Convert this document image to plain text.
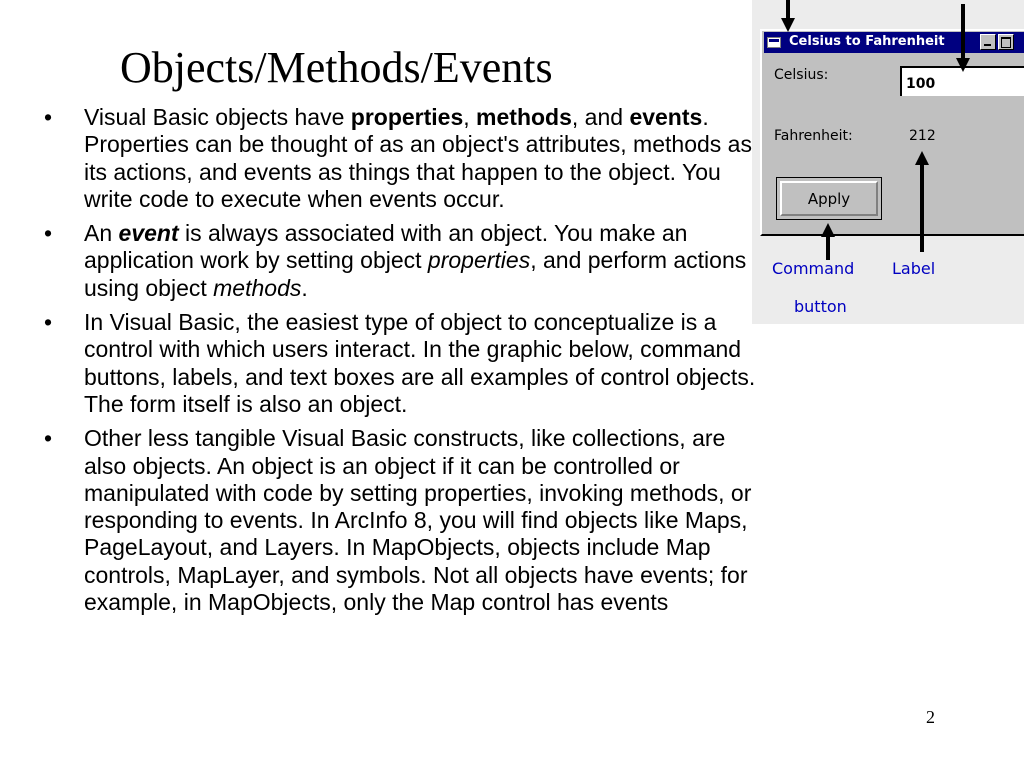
Objects/Methods/Events
• Visual Basic objects have properties, methods, and events. Properties can be thought of as an object's attributes, methods as its actions, and events as things that happen to the object. You write code to execute when events occur.
• An event is always associated with an object. You make an application work by setting object properties, and perform actions using object methods.
• In Visual Basic, the easiest type of object to conceptualize is a control with which users interact. In the graphic below, command buttons, labels, and text boxes are all examples of control objects. The form itself is also an object.
• Other less tangible Visual Basic constructs, like collections, are also objects. An object is an object if it can be controlled or manipulated with code by setting properties, invoking methods, or responding to events. In ArcInfo 8, you will find objects like Maps, PageLayout, and Layers. In MapObjects, objects include Map controls, MapLayer, and symbols. Not all objects have events; for example, in MapObjects, only the Map control has events
2
Celsius to Fahrenheit
Celsius:
100
Fahrenheit:	212
Apply
Command
button
Label
